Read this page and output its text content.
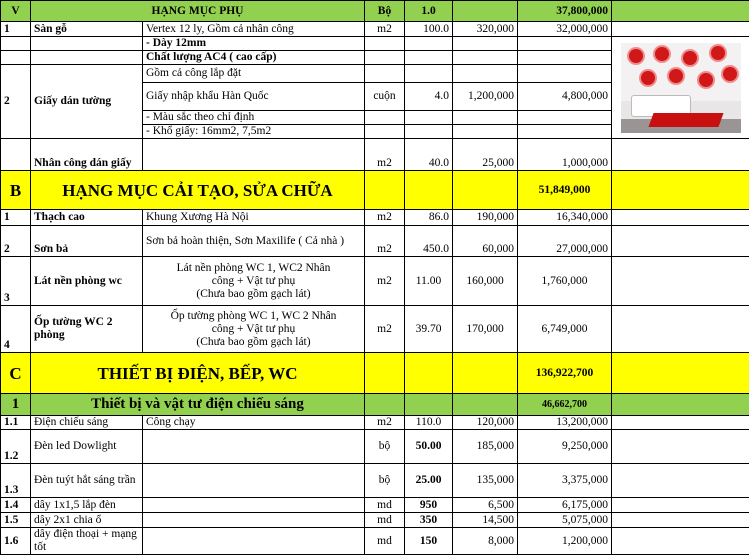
V	HẠNG MỤC PHỤ		Bộ	1.0		37,800,000		
1	Sàn gỗ	Vertex 12 ly, Gồm cả nhân công	m2	100.0	320,000	32,000,000		
		- Dày 12mm						

		Chất lượng AC4 ( cao cấp)						
2	Giấy dán tường	Gồm cả công lắp đặt						
		Giấy nhập khẩu Hàn Quốc	cuộn	4.0	1,200,000	4,800,000		
		- Màu sắc theo chỉ định						
		- Khổ giấy: 16mm2, 7,5m2						
	Nhân công dán giấy		m2	40.0	25,000	1,000,000		
B	HẠNG MỤC CẢI TẠO, SỬA CHỮA					51,849,000		
1	Thạch cao	Khung Xương Hà Nội	m2	86.0	190,000	16,340,000		
2	Sơn bả	Sơn bả hoàn thiện, Sơn Maxilife ( Cả nhà )	m2	450.0	60,000	27,000,000		
3	Lát nền phòng wc	Lát nền phòng WC 1, WC2 Nhân
công + Vật tư phụ
(Chưa bao gồm gạch lát)	m2	11.00	160,000	1,760,000		
4	Ốp tường WC 2 phòng	Ốp tường phòng WC 1, WC 2 Nhân
công + Vật tư phụ
(Chưa bao gồm gạch lát)	m2	39.70	170,000	6,749,000		
C	THIẾT BỊ ĐIỆN, BẾP, WC					136,922,700		
1	Thiết bị và vật tư điện chiếu sáng					46,662,700		
1.1	Điện chiếu sáng	Công chạy	m2	110.0	120,000	13,200,000		
1.2	Đèn led Dowlight		bộ	50.00	185,000	9,250,000		
1.3	Đèn tuýt hắt sáng trần		bộ	25.00	135,000	3,375,000		
1.4	dây 1x1,5 lắp đèn		md	950	6,500	6,175,000		
1.5	dây 2x1 chia ổ		md	350	14,500	5,075,000		
1.6	dây điện thoại + mạng tốt		md	150	8,000	1,200,000		
